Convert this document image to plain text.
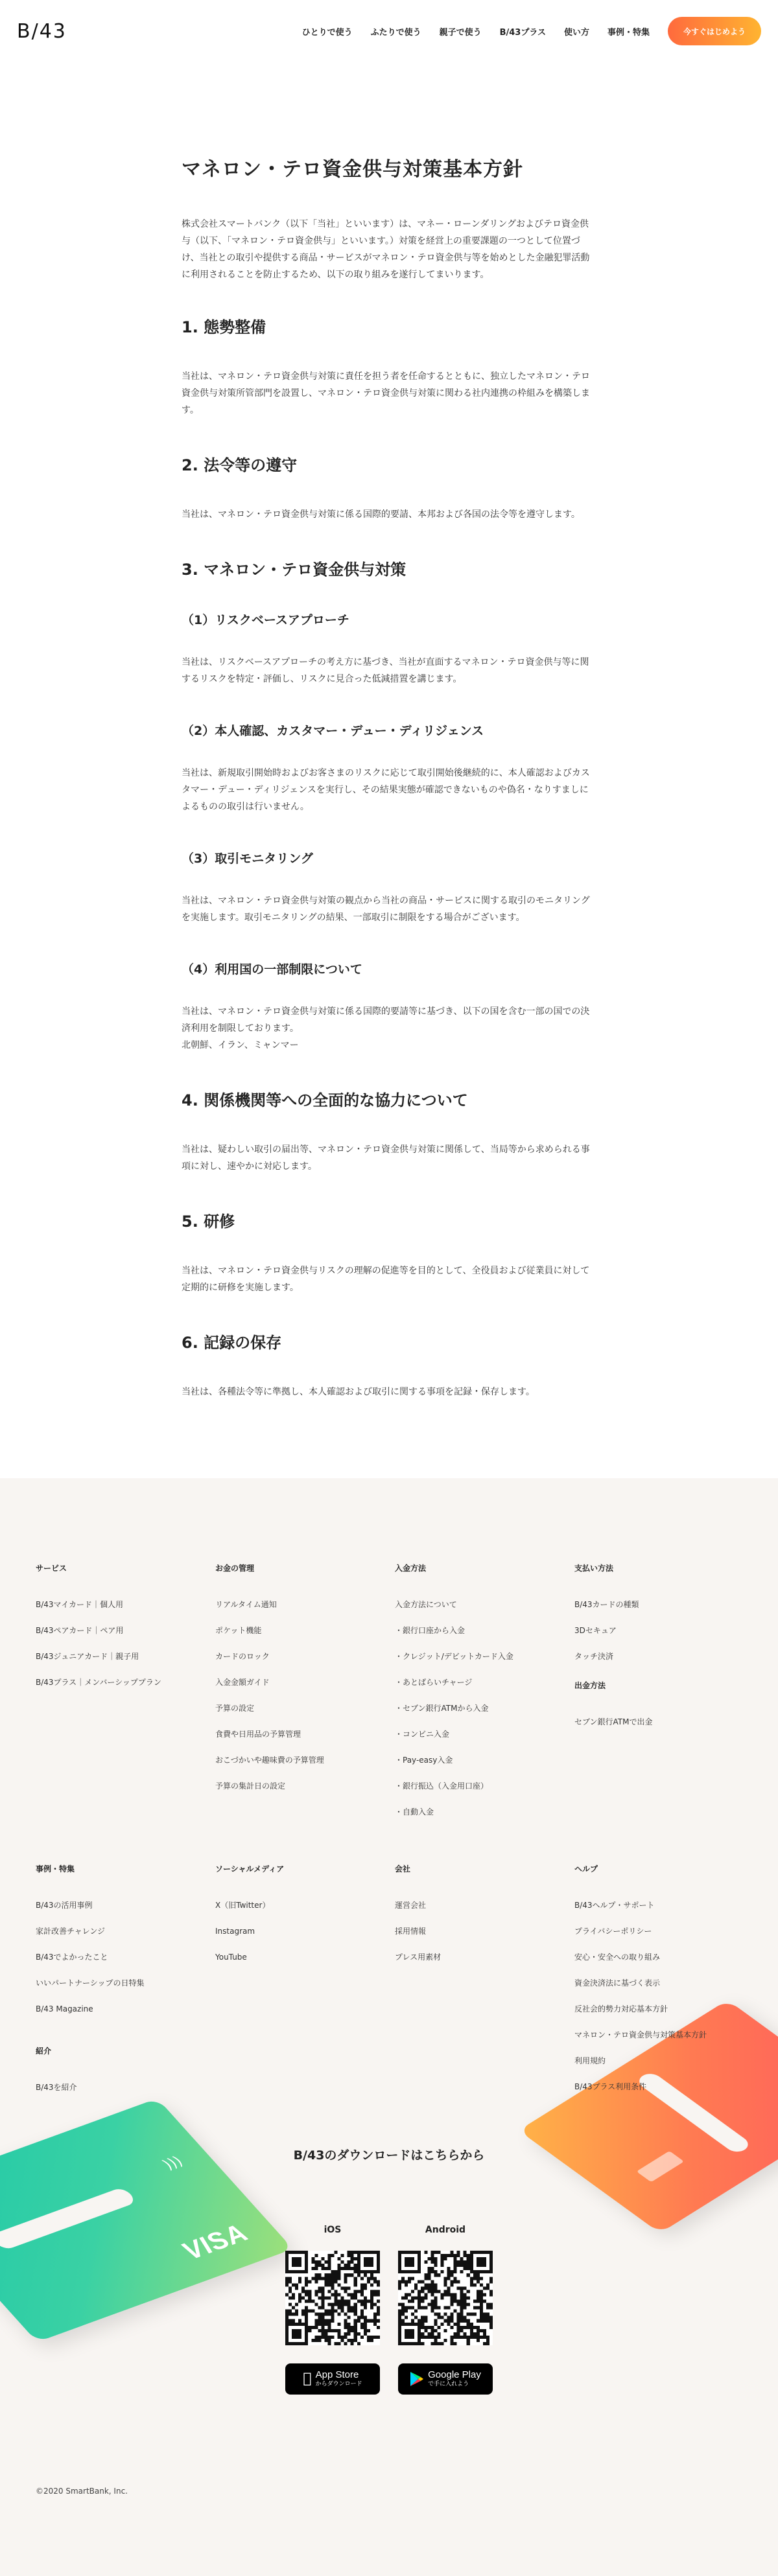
B/43	ひとりで使う ふたりで使う 親子で使う B/43プラス 使い方 事例・特集	今すぐはじめよう
マネロン・テロ資金供与対策基本方針

株式会社スマートバンク（以下「当社」といいます）は、マネー・ローンダリングおよびテロ資金供与（以下、「マネロン・テロ資金供与」といいます。）対策を経営上の重要課題の一つとして位置づけ、当社との取引や提供する商品・サービスがマネロン・テロ資金供与等を始めとした金融犯罪活動に利用されることを防止するため、以下の取り組みを遂行してまいります。

1. 態勢整備

当社は、マネロン・テロ資金供与対策に責任を担う者を任命するとともに、独立したマネロン・テロ資金供与対策所管部門を設置し、マネロン・テロ資金供与対策に関わる社内連携の枠組みを構築します。

2. 法令等の遵守

当社は、マネロン・テロ資金供与対策に係る国際的要請、本邦および各国の法令等を遵守します。

3. マネロン・テロ資金供与対策
（1）リスクベースアプローチ

当社は、リスクベースアプローチの考え方に基づき、当社が直面するマネロン・テロ資金供与等に関するリスクを特定・評価し、リスクに見合った低減措置を講じます。

（2）本人確認、カスタマー・デュー・ディリジェンス

当社は、新規取引開始時およびお客さまのリスクに応じて取引開始後継続的に、本人確認およびカスタマー・デュー・ディリジェンスを実行し、その結果実態が確認できないものや偽名・なりすましによるものの取引は行いません。

（3）取引モニタリング

当社は、マネロン・テロ資金供与対策の観点から当社の商品・サービスに関する取引のモニタリングを実施します。取引モニタリングの結果、一部取引に制限をする場合がございます。

（4）利用国の一部制限について

当社は、マネロン・テロ資金供与対策に係る国際的要請等に基づき、以下の国を含む一部の国での決済利用を制限しております。
北朝鮮、イラン、ミャンマー

4. 関係機関等への全面的な協力について

当社は、疑わしい取引の届出等、マネロン・テロ資金供与対策に関係して、当局等から求められる事項に対し、速やかに対応します。

5. 研修

当社は、マネロン・テロ資金供与リスクの理解の促進等を目的として、全役員および従業員に対して定期的に研修を実施します。

6. 記録の保存

当社は、各種法令等に準拠し、本人確認および取引に関する事項を記録・保存します。

)))
VISA
サービス
B/43マイカード｜個人用
B/43ペアカード｜ペア用
B/43ジュニアカード｜親子用
B/43プラス｜メンバーシッププラン
お金の管理
リアルタイム通知
ポケット機能
カードのロック
入金金額ガイド
予算の設定
食費や日用品の予算管理
おこづかいや趣味費の予算管理
予算の集計日の設定
入金方法
入金方法について
・銀行口座から入金
・クレジット/デビットカード入金
・あとばらいチャージ
・セブン銀行ATMから入金
・コンビニ入金
・Pay-easy入金
・銀行振込（入金用口座）
・自動入金
支払い方法
B/43カードの種類
3Dセキュア
タッチ決済
出金方法
セブン銀行ATMで出金
事例・特集
B/43の活用事例
家計改善チャレンジ
B/43でよかったこと
いいパートナーシップの日特集
B/43 Magazine
紹介
B/43を紹介
ソーシャルメディア
X（旧Twitter）
Instagram
YouTube
会社
運営会社
採用情報
プレス用素材
ヘルプ
B/43ヘルプ・サポート
プライバシーポリシー
安心・安全への取り組み
資金決済法に基づく表示
反社会的勢力対応基本方針
マネロン・テロ資金供与対策基本方針
利用規約
B/43プラス利用条件
B/43のダウンロードはこちらから
iOS
App Store
からダウンロード
Android
Google Play
で手に入れよう
©2020 SmartBank, Inc.
